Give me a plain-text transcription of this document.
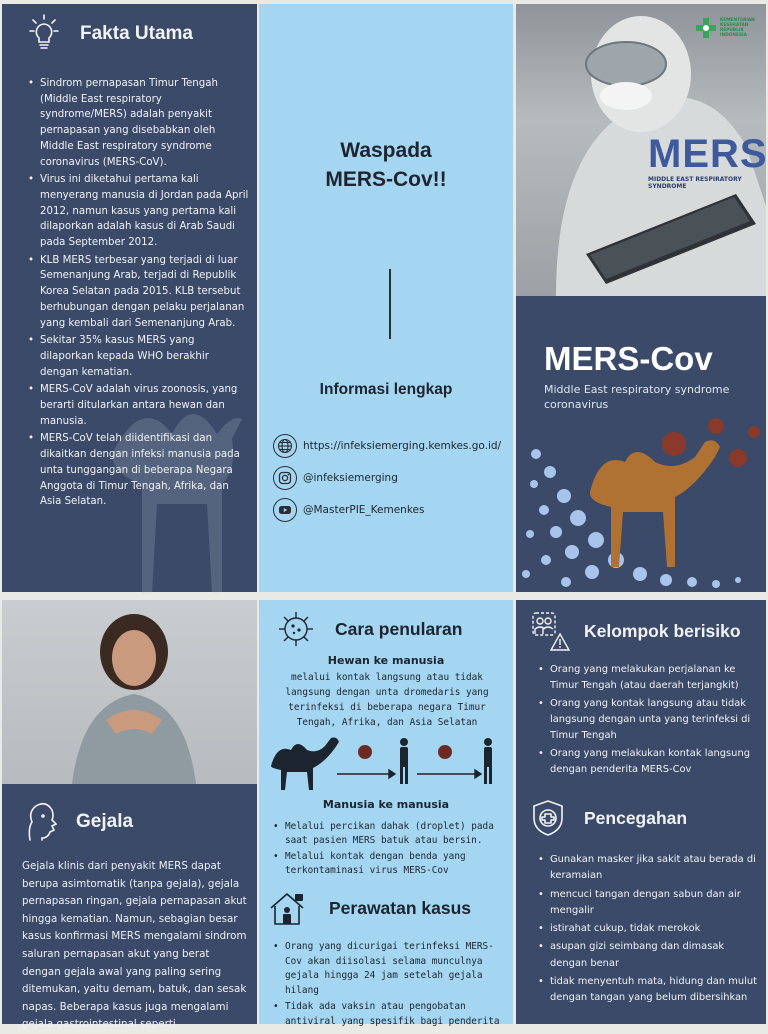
Fakta Utama
• Sindrom pernapasan Timur Tengah (Middle East respiratory syndrome/MERS) adalah penyakit pernapasan yang disebabkan oleh Middle East respiratory syndrome coronavirus (MERS-CoV).
• Virus ini diketahui pertama kali menyerang manusia di Jordan pada April 2012, namun kasus yang pertama kali dilaporkan adalah kasus di Arab Saudi pada September 2012.
• KLB MERS terbesar yang terjadi di luar Semenanjung Arab, terjadi di Republik Korea Selatan pada 2015. KLB tersebut berhubungan dengan pelaku perjalanan yang kembali dari Semenanjung Arab.
• Sekitar 35% kasus MERS yang dilaporkan kepada WHO berakhir dengan kematian.
• MERS-CoV adalah virus zoonosis, yang berarti ditularkan antara hewan dan manusia.
• MERS-CoV telah diidentifikasi dan dikaitkan dengan infeksi manusia pada unta tunggangan di beberapa Negara Anggota di Timur Tengah, Afrika, dan Asia Selatan.
Waspada
MERS-Cov!!
Informasi lengkap
https://infeksiemerging.kemkes.go.id/
@infeksiemerging
@MasterPIE_Kemenkes
KEMENTERIAN
KESEHATAN
REPUBLIK
INDONESIA
MERS
MIDDLE EAST RESPIRATORY SYNDROME
MERS-Cov
Middle East respiratory syndrome coronavirus
Gejala
Gejala klinis dari penyakit MERS dapat berupa asimtomatik (tanpa gejala), gejala pernapasan ringan, gejala pernapasan akut hingga kematian. Namun, sebagian besar kasus konfirmasi MERS mengalami sindrom saluran pernapasan akut yang berat dengan gejala awal yang paling sering ditemukan, yaitu demam, batuk, dan sesak napas. Beberapa kasus juga mengalami gejala gastrointestinal seperti
Cara penularan
Hewan ke manusia
melalui kontak langsung atau tidak langsung dengan unta dromedaris yang terinfeksi di beberapa negara Timur Tengah, Afrika, dan Asia Selatan
Manusia ke manusia
• Melalui percikan dahak (droplet) pada saat pasien MERS batuk atau bersin.
• Melalui kontak dengan benda yang terkontaminasi virus MERS-Cov
Perawatan kasus
• Orang yang dicurigai terinfeksi MERS-Cov akan diisolasi selama munculnya gejala hingga 24 jam setelah gejala hilang
• Tidak ada vaksin atau pengobatan antiviral yang spesifik bagi penderita
Kelompok berisiko
• Orang yang melakukan perjalanan ke Timur Tengah (atau daerah terjangkit)
• Orang yang kontak langsung atau tidak langsung dengan unta yang terinfeksi di Timur Tengah
• Orang yang melakukan kontak langsung dengan penderita MERS-Cov
Pencegahan
• Gunakan masker jika sakit atau berada di keramaian
• mencuci tangan dengan sabun dan air mengalir
• istirahat cukup, tidak merokok
• asupan gizi seimbang dan dimasak dengan benar
• tidak menyentuh mata, hidung dan mulut dengan tangan yang belum dibersihkan
